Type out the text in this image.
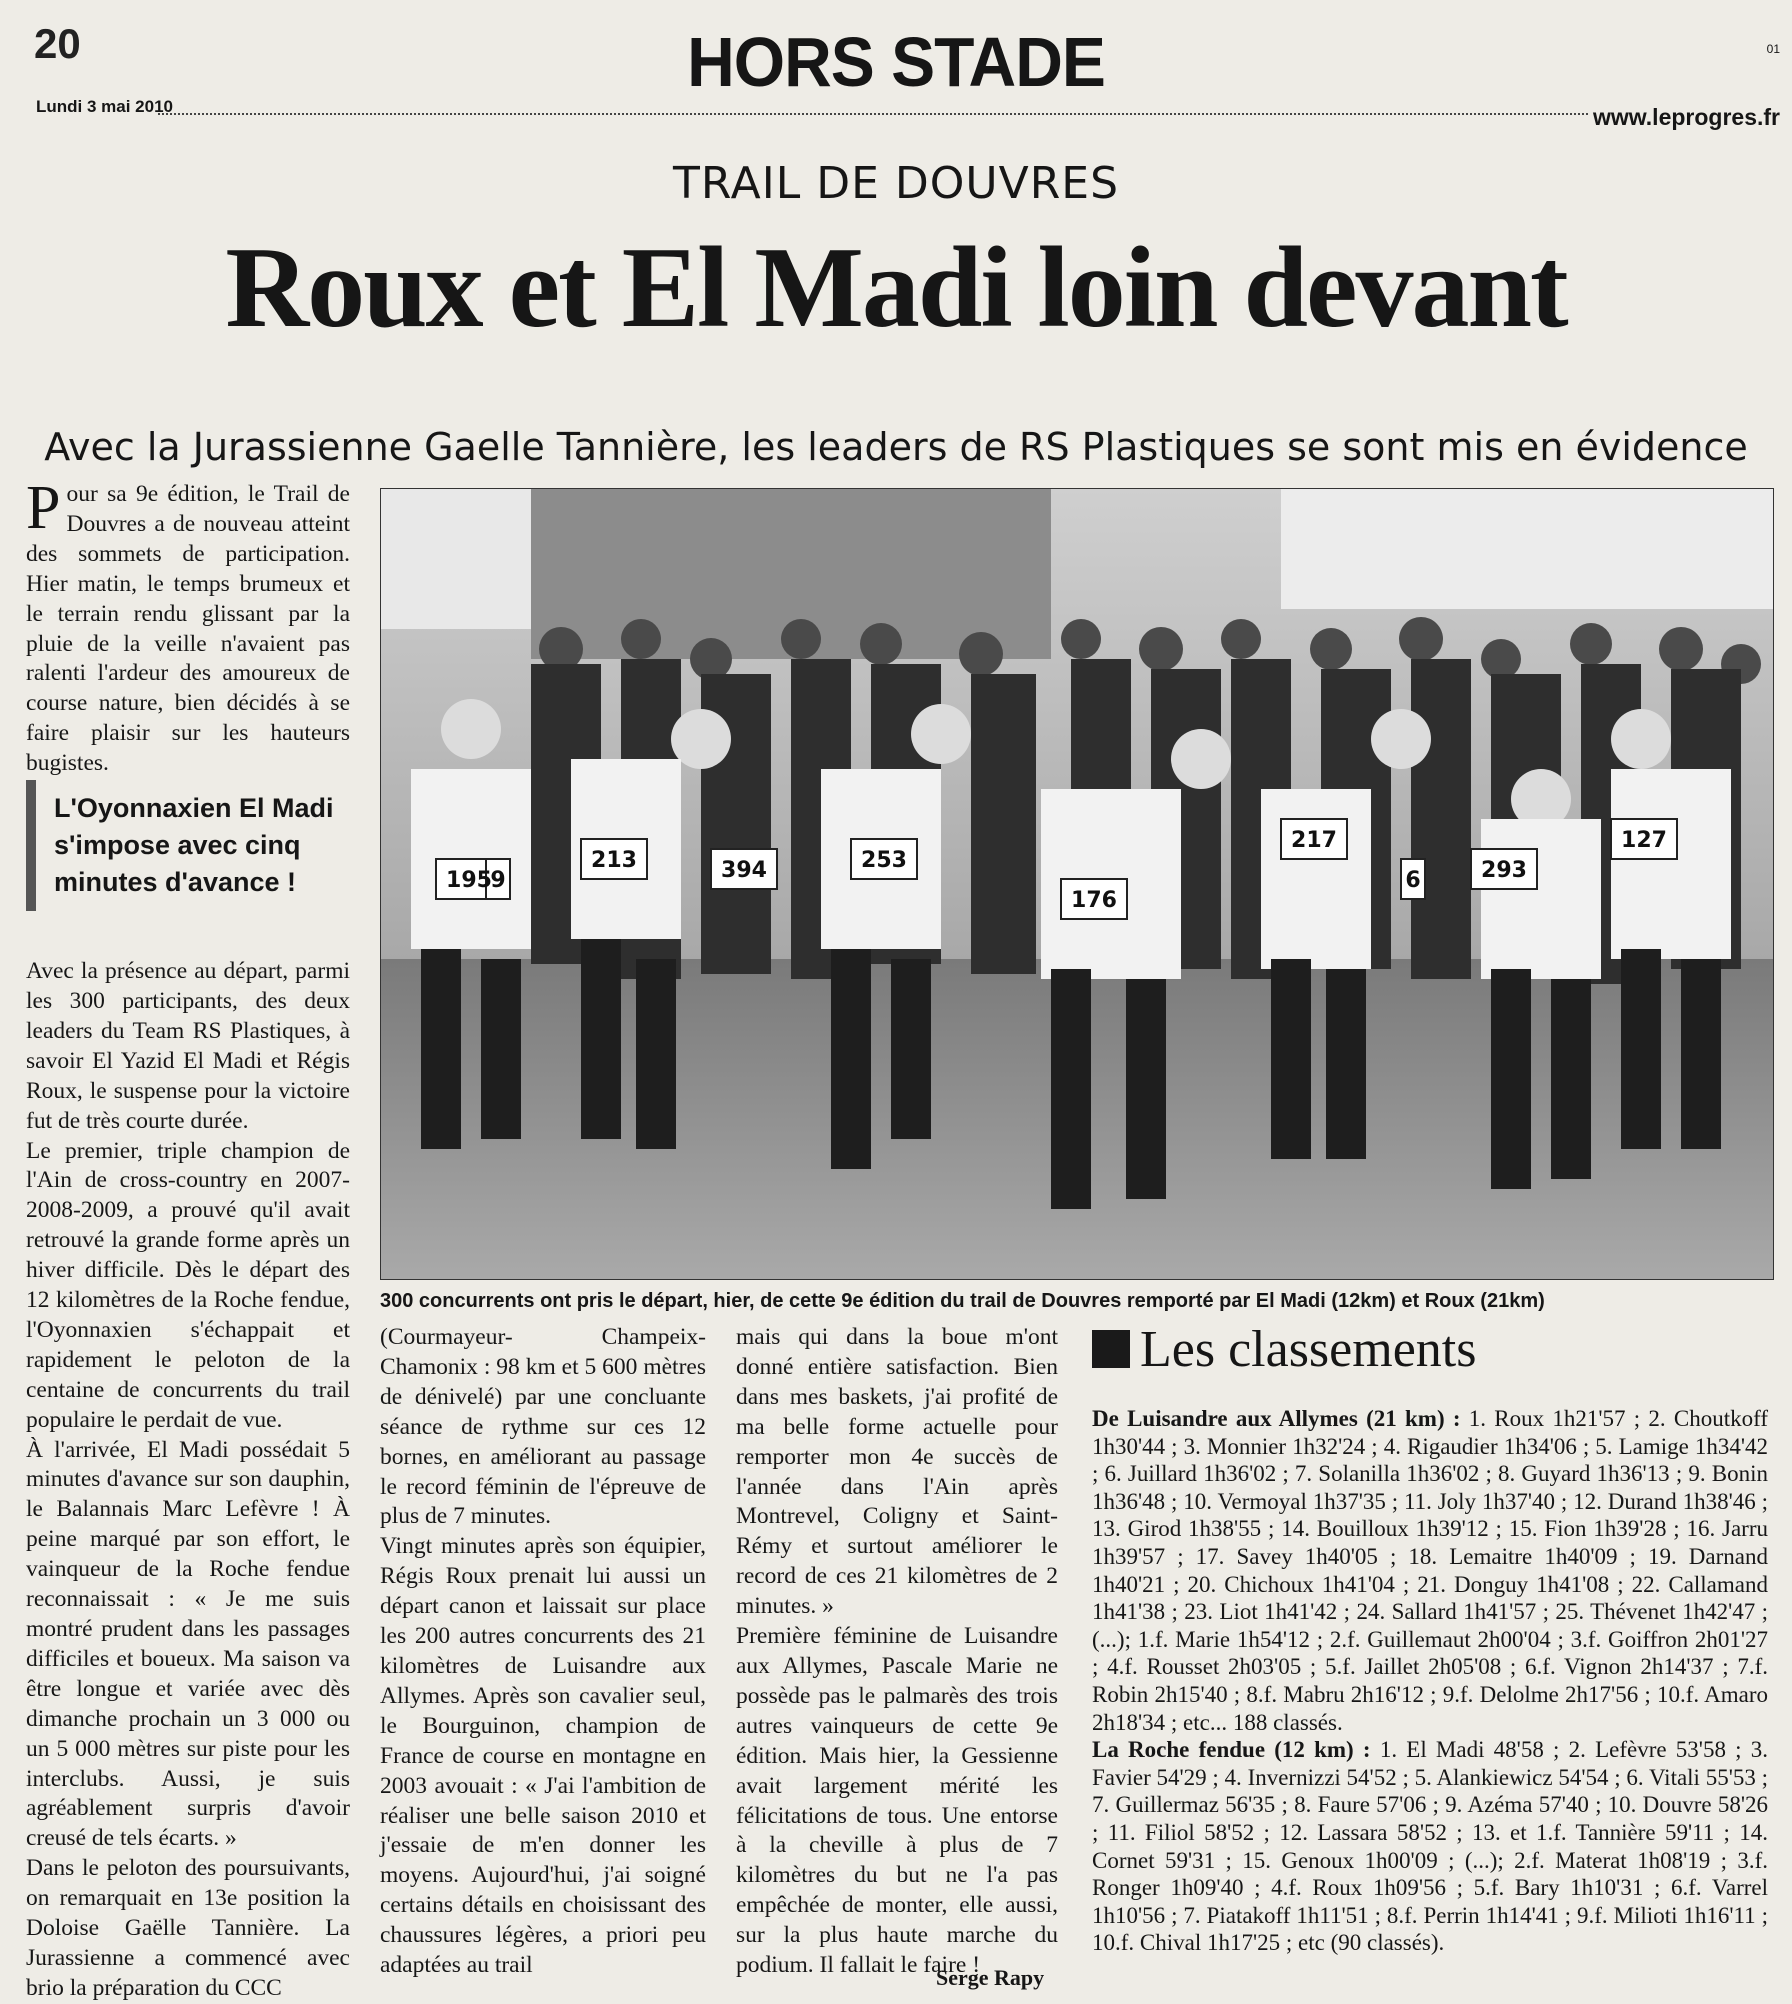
20	HORS STADE	01
Lundi 3 mai 2010	www.leprogres.fr
TRAIL DE DOUVRES
Roux et El Madi loin devant
Avec la Jurassienne Gaelle Tannière, les leaders de RS Plastiques se sont mis en évidence

Pour sa 9e édition, le Trail de Douvres a de nouveau atteint des sommets de participation. Hier matin, le temps brumeux et le terrain rendu glissant par la pluie de la veille n'avaient pas ralenti l'ardeur des amoureux de course nature, bien décidés à se faire plaisir sur les hauteurs bugistes.

Avec la présence au départ, parmi les 300 participants, des deux leaders du Team RS Plastiques, à savoir El Yazid El Madi et Régis Roux, le suspense pour la victoire fut de très courte durée.

Le premier, triple champion de l'Ain de cross-country en 2007-2008-2009, a prouvé qu'il avait retrouvé la grande forme après un hiver difficile. Dès le départ des 12 kilomètres de la Roche fendue, l'Oyonnaxien s'échappait et rapidement le peloton de la centaine de concurrents du trail populaire le perdait de vue.

À l'arrivée, El Madi possédait 5 minutes d'avance sur son dauphin, le Balannais Marc Lefèvre ! À peine marqué par son effort, le vainqueur de la Roche fendue reconnaissait : « Je me suis montré prudent dans les passages difficiles et boueux. Ma saison va être longue et variée avec dès dimanche prochain un 3 000 ou un 5 000 mètres sur piste pour les interclubs. Aussi, je suis agréablement surpris d'avoir creusé de tels écarts. »

Dans le peloton des poursuivants, on remarquait en 13e position la Doloise Gaëlle Tannière. La Jurassienne a commencé avec brio la préparation du CCC

L'Oyonnaxien El Madi s'impose avec cinq minutes d'avance !	195
213	253
394
176
217
293
127
9	6
300 concurrents ont pris le départ, hier, de cette 9e édition du trail de Douvres remporté par El Madi (12km) et Roux (21km)

(Courmayeur- Champeix-Chamonix : 98 km et 5 600 mètres de dénivelé) par une concluante séance de rythme sur ces 12 bornes, en améliorant au passage le record féminin de l'épreuve de plus de 7 minutes.

Vingt minutes après son équipier, Régis Roux prenait lui aussi un départ canon et laissait sur place les 200 autres concurrents des 21 kilomètres de Luisandre aux Allymes. Après son cavalier seul, le Bourguinon, champion de France de course en montagne en 2003 avouait : « J'ai l'ambition de réaliser une belle saison 2010 et j'essaie de m'en donner les moyens. Aujourd'hui, j'ai soigné certains détails en choisissant des chaussures légères, a priori peu adaptées au trail

mais qui dans la boue m'ont donné entière satisfaction. Bien dans mes baskets, j'ai profité de ma belle forme actuelle pour remporter mon 4e succès de l'année dans l'Ain après Montrevel, Coligny et Saint-Rémy et surtout améliorer le record de ces 21 kilomètres de 2 minutes. »

Première féminine de Luisandre aux Allymes, Pascale Marie ne possède pas le palmarès des trois autres vainqueurs de cette 9e édition. Mais hier, la Gessienne avait largement mérité les félicitations de tous. Une entorse à la cheville à plus de 7 kilomètres du but ne l'a pas empêchée de monter, elle aussi, sur la plus haute marche du podium. Il fallait le faire !

Serge Rapy
Les classements

De Luisandre aux Allymes (21 km) : 1. Roux 1h21'57 ; 2. Choutkoff 1h30'44 ; 3. Monnier 1h32'24 ; 4. Rigaudier 1h34'06 ; 5. Lamige 1h34'42 ; 6. Juillard 1h36'02 ; 7. Solanilla 1h36'02 ; 8. Guyard 1h36'13 ; 9. Bonin 1h36'48 ; 10. Vermoyal 1h37'35 ; 11. Joly 1h37'40 ; 12. Durand 1h38'46 ; 13. Girod 1h38'55 ; 14. Bouilloux 1h39'12 ; 15. Fion 1h39'28 ; 16. Jarru 1h39'57 ; 17. Savey 1h40'05 ; 18. Lemaitre 1h40'09 ; 19. Darnand 1h40'21 ; 20. Chichoux 1h41'04 ; 21. Donguy 1h41'08 ; 22. Callamand 1h41'38 ; 23. Liot 1h41'42 ; 24. Sallard 1h41'57 ; 25. Thévenet 1h42'47 ; (...); 1.f. Marie 1h54'12 ; 2.f. Guillemaut 2h00'04 ; 3.f. Goiffron 2h01'27 ; 4.f. Rousset 2h03'05 ; 5.f. Jaillet 2h05'08 ; 6.f. Vignon 2h14'37 ; 7.f. Robin 2h15'40 ; 8.f. Mabru 2h16'12 ; 9.f. Delolme 2h17'56 ; 10.f. Amaro 2h18'34 ; etc... 188 classés.

La Roche fendue (12 km) : 1. El Madi 48'58 ; 2. Lefèvre 53'58 ; 3. Favier 54'29 ; 4. Invernizzi 54'52 ; 5. Alankiewicz 54'54 ; 6. Vitali 55'53 ; 7. Guillermaz 56'35 ; 8. Faure 57'06 ; 9. Azéma 57'40 ; 10. Douvre 58'26 ; 11. Filiol 58'52 ; 12. Lassara 58'52 ; 13. et 1.f. Tannière 59'11 ; 14. Cornet 59'31 ; 15. Genoux 1h00'09 ; (...); 2.f. Materat 1h08'19 ; 3.f. Ronger 1h09'40 ; 4.f. Roux 1h09'56 ; 5.f. Bary 1h10'31 ; 6.f. Varrel 1h10'56 ; 7. Piatakoff 1h11'51 ; 8.f. Perrin 1h14'41 ; 9.f. Milioti 1h16'11 ; 10.f. Chival 1h17'25 ; etc (90 classés).
